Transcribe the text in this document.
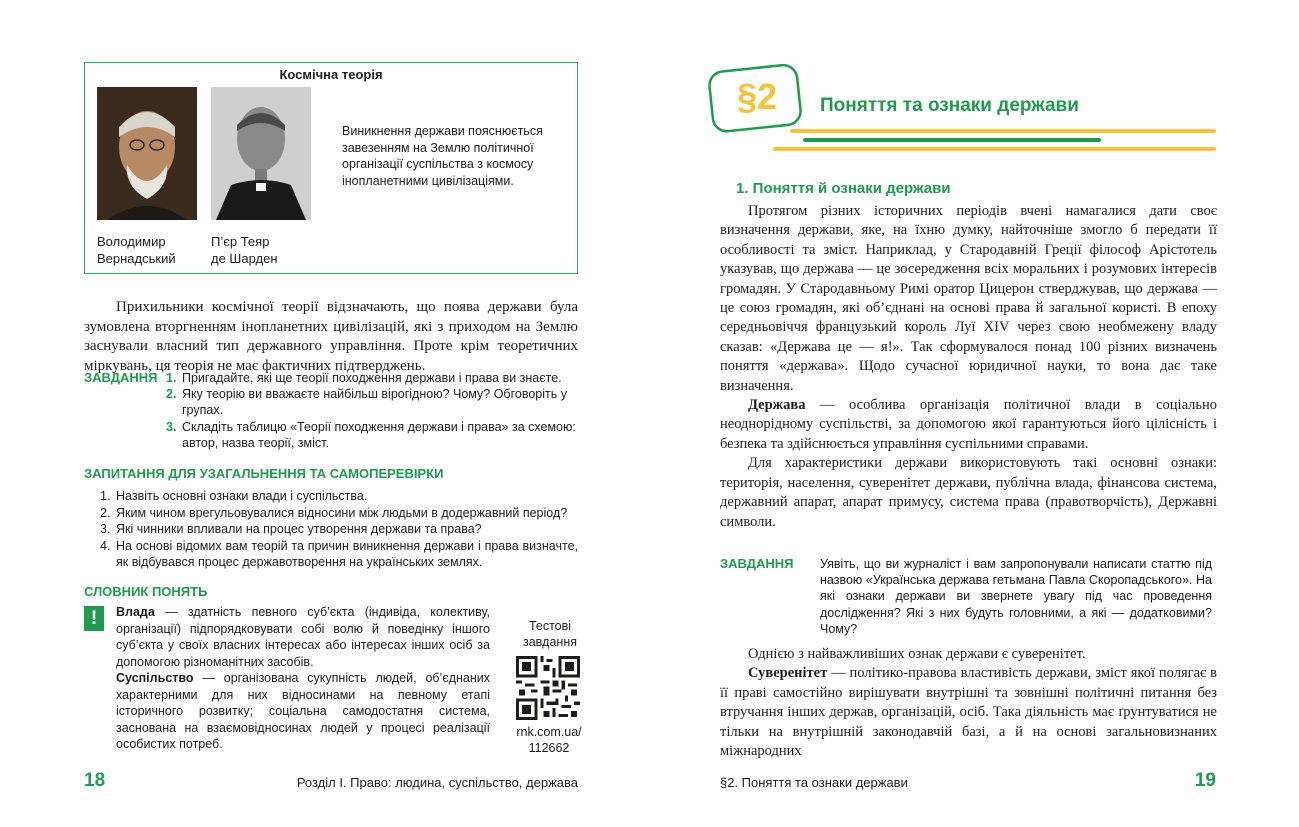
Космічна теорія
Володимир
Вернадський
П’єр Теяр
де Шарден
Виникнення держави пояснюється завезенням на Землю політичної організації суспільства з космосу інопланетними цивілізаціями.

Прихильники космічної теорії відзначають, що поява держави була зумовлена вторгненням інопланетних цивілізацій, які з приходом на Землю заснували власний тип державного управління. Проте крім теоретичних міркувань, ця теорія не має фактичних підтверджень.

ЗАВДАННЯ 1. Пригадайте, які ще теорії походження держави і права ви знаєте.
2. Яку теорію ви вважаєте найбільш вірогідною? Чому? Обговоріть у групах.
3. Складіть таблицю «Теорії походження держави і права» за схемою: автор, назва теорії, зміст.
ЗАПИТАННЯ ДЛЯ УЗАГАЛЬНЕННЯ ТА САМОПЕРЕВІРКИ
1. Назвіть основні ознаки влади і суспільства.
2. Яким чином врегульовувалися відносини між людьми в додержавний період?
3. Які чинники впливали на процес утворення держави та права?
4. На основі відомих вам теорій та причин виникнення держави і права визначте, як відбувався процес державотворення на українських землях.
СЛОВНИК ПОНЯТЬ
!	Влада — здатність певного суб’єкта (індивіда, колективу, організації) підпорядковувати собі волю й поведінку іншого суб’єкта у своїх власних інтересах або інтересах інших осіб за допомогою різноманітних засобів.

Суспільство — організована сукупність людей, об’єднаних характерними для них відносинами на певному етапі історичного розвитку; соціальна самодостатня система, заснована на взаємовідносинах людей у процесі реалізації особистих потреб.

Тестові
завдання
rnk.com.ua/
112662
18	Розділ І. Право: людина, суспільство, держава
§2	Поняття та ознаки держави
1. Поняття й ознаки держави

Протягом різних історичних періодів вчені намагалися дати своє визначення держави, яке, на їхню думку, найточніше змогло б передати її особливості та зміст. Наприклад, у Стародавній Греції філософ Арістотель указував, що держава — це зосередження всіх моральних і розумових інтересів громадян. У Стародавньому Римі оратор Цицерон стверджував, що держава — це союз громадян, які об’єднані на основі права й загальної користі. В епоху середньовіччя французький король Луї XIV через свою необмежену владу сказав: «Держава це — я!». Так сформувалося понад 100 різних визначень поняття «держава». Щодо сучасної юридичної науки, то вона дає таке визначення.

Держава — особлива організація політичної влади в соціально неоднорідному суспільстві, за допомогою якої гарантуються його цілісність і безпека та здійснюється управління суспільними справами.

Для характеристики держави використовують такі основні ознаки: територія, населення, суверенітет держави, публічна влада, фінансова система, державний апарат, апарат примусу, система права (правотворчість), Державні символи.

ЗАВДАННЯ Уявіть, що ви журналіст і вам запропонували написати статтю під назвою «Українська держава гетьмана Павла Скоропадського». На які ознаки держави ви звернете увагу під час проведення дослідження? Які з них будуть головними, а які — додатковими? Чому?

Однією з найважливіших ознак держави є суверенітет.

Суверенітет — політико-правова властивість держави, зміст якої полягає в її праві самостійно вирішувати внутрішні та зовнішні політичні питання без втручання інших держав, організацій, осіб. Така діяльність має ґрунтуватися не тільки на внутрішній законодавчій базі, а й на основі загальновизнаних міжнародних

§2. Поняття та ознаки держави	19
